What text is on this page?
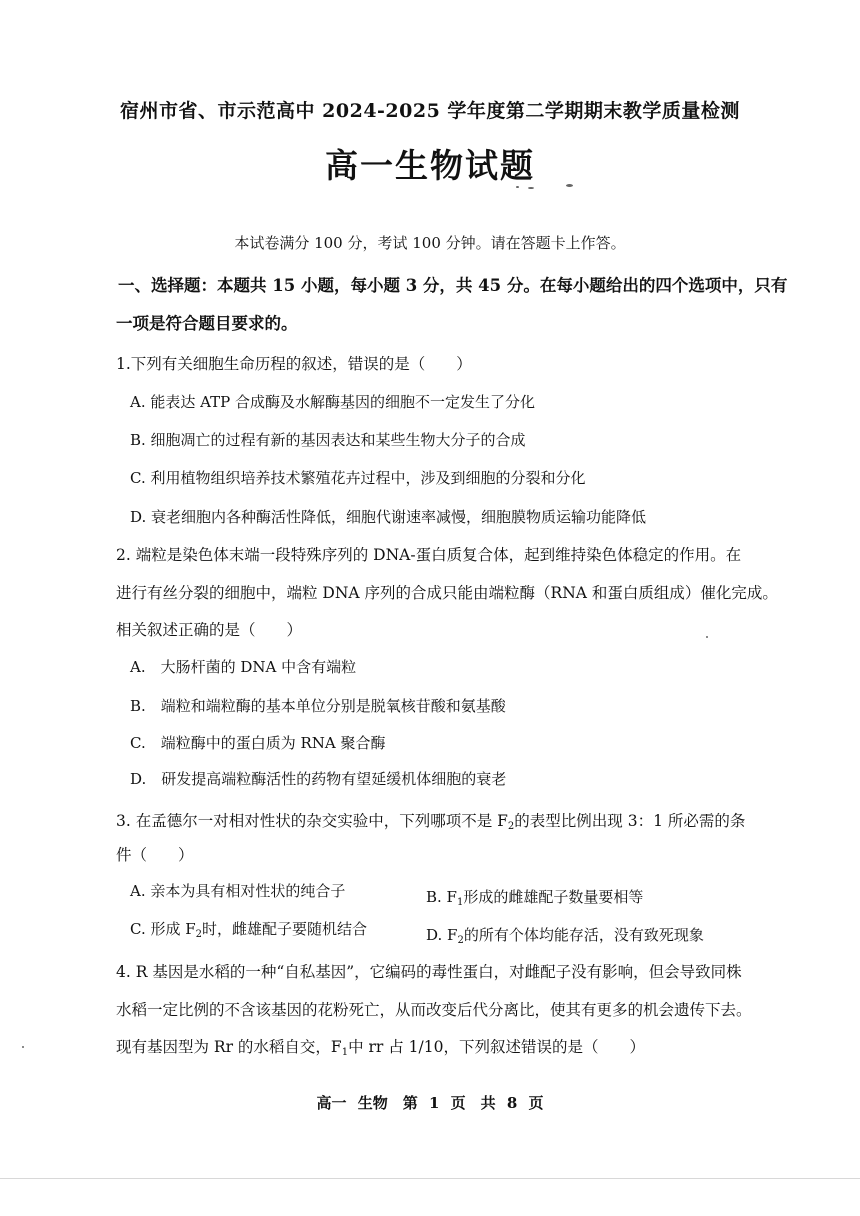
宿州市省、市示范高中 2024-2025 学年度第二学期期末教学质量检测
高一生物试题
本试卷满分 100 分，考试 100 分钟。请在答题卡上作答。
一、选择题：本题共 15 小题，每小题 3 分，共 45 分。在每小题给出的四个选项中，只有
一项是符合题目要求的。
1.下列有关细胞生命历程的叙述，错误的是（　　）
A. 能表达 ATP 合成酶及水解酶基因的细胞不一定发生了分化
B. 细胞凋亡的过程有新的基因表达和某些生物大分子的合成
C. 利用植物组织培养技术繁殖花卉过程中，涉及到细胞的分裂和分化
D. 衰老细胞内各种酶活性降低，细胞代谢速率减慢，细胞膜物质运输功能降低
2. 端粒是染色体末端一段特殊序列的 DNA-蛋白质复合体，起到维持染色体稳定的作用。在
进行有丝分裂的细胞中，端粒 DNA 序列的合成只能由端粒酶（RNA 和蛋白质组成）催化完成。
相关叙述正确的是（　　）
A.　大肠杆菌的 DNA 中含有端粒
B.　端粒和端粒酶的基本单位分别是脱氧核苷酸和氨基酸
C.　端粒酶中的蛋白质为 RNA 聚合酶
D.　研发提高端粒酶活性的药物有望延缓机体细胞的衰老
3. 在孟德尔一对相对性状的杂交实验中，下列哪项不是 $F_2$的表型比例出现 3：1 所必需的条
件（　　）
A. 亲本为具有相对性状的纯合子	B. $F_1$形成的雌雄配子数量要相等
C. 形成 $F_2$时，雌雄配子要随机结合	D. $F_2$的所有个体均能存活，没有致死现象
4. R 基因是水稻的一种“自私基因”，它编码的毒性蛋白，对雌配子没有影响，但会导致同株
水稻一定比例的不含该基因的花粉死亡，从而改变后代分离比，使其有更多的机会遗传下去。
现有基因型为 Rr 的水稻自交，$F_1$中 rr 占 1/10，下列叙述错误的是（　　）
高一 生物　第 1 页　共 8 页
